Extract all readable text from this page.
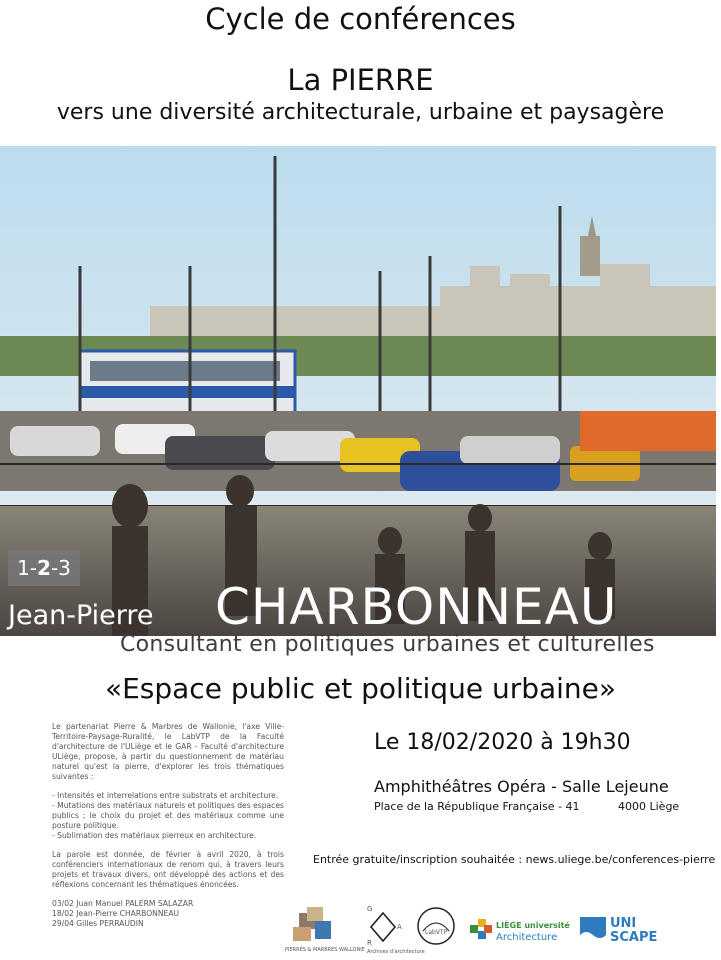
Cycle de conférences
La PIERRE
vers une diversité architecturale, urbaine et paysagère
1-2-3
Jean-Pierre CHARBONNEAU
Consultant en politiques urbaines et culturelles
«Espace public et politique urbaine»

Le partenariat Pierre & Marbres de Wallonie, l'axe Ville-Territoire-Paysage-Ruralité, le LabVTP de la Faculté d'architecture de l'ULiège et le GAR - Faculté d'architecture ULiège, propose, à partir du questionnement de matériau naturel qu'est la pierre, d'explorer les trois thématiques suivantes :

- Intensités et interrelations entre substrats et architecture.
- Mutations des matériaux naturels et politiques des espaces publics ; le choix du projet et des matériaux comme une posture politique.
- Sublimation des matériaux pierreux en architecture.

La parole est donnée, de février à avril 2020, à trois conférenciers internationaux de renom qui, à travers leurs projets et travaux divers, ont développé des actions et des réflexions concernant les thématiques énoncées.

03/02 Juan Manuel PALERM SALAZAR
18/02 Jean-Pierre CHARBONNEAU
29/04 Gilles PERRAUDIN
Le 18/02/2020 à 19h30
Amphithéâtres Opéra - Salle Lejeune
Place de la République Française - 41	4000 Liège
Entrée gratuite/inscription souhaitée : news.uliege.be/conferences-pierre
PIERRES & MARBRES WALLONIE
G
A
R
Archives d'architecture
LabVTP
LIÈGE université
Architecture
UNI
SCAPE
